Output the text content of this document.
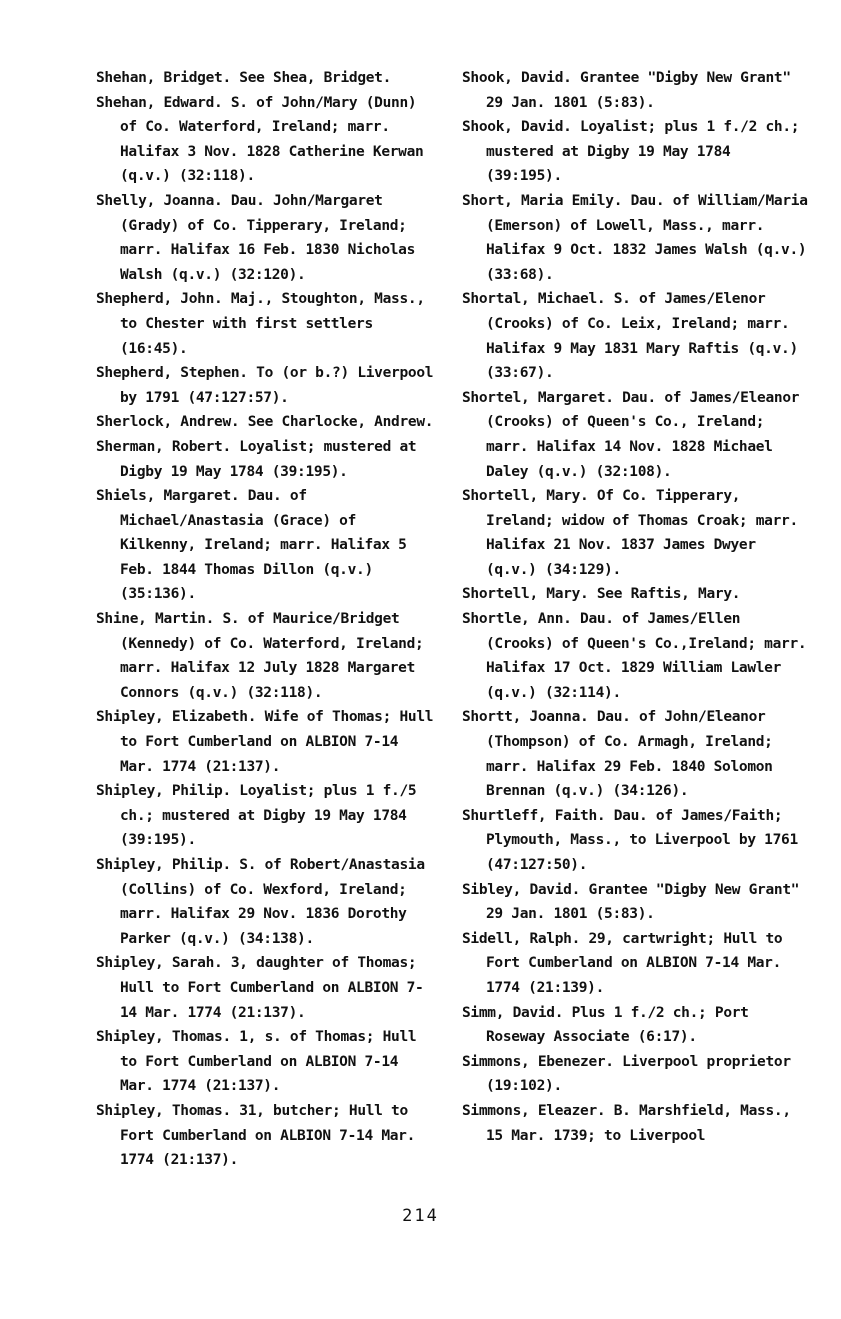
Shehan, Bridget. See Shea, Bridget.
Shehan, Edward. S. of John/Mary (Dunn) of Co. Waterford, Ireland; marr. Halifax 3 Nov. 1828 Catherine Kerwan (q.v.) (32:118).
Shelly, Joanna. Dau. John/Margaret (Grady) of Co. Tipperary, Ireland; marr. Halifax 16 Feb. 1830 Nicholas Walsh (q.v.) (32:120).
Shepherd, John. Maj., Stoughton, Mass., to Chester with first settlers (16:45).
Shepherd, Stephen. To (or b.?) Liverpool by 1791 (47:127:57).
Sherlock, Andrew. See Charlocke, Andrew.
Sherman, Robert. Loyalist; mustered at Digby 19 May 1784 (39:195).
Shiels, Margaret. Dau. of Michael/Anastasia (Grace) of Kilkenny, Ireland; marr. Halifax 5 Feb. 1844 Thomas Dillon (q.v.) (35:136).
Shine, Martin. S. of Maurice/Bridget (Kennedy) of Co. Waterford, Ireland; marr. Halifax 12 July 1828 Margaret Connors (q.v.) (32:118).
Shipley, Elizabeth. Wife of Thomas; Hull to Fort Cumberland on ALBION 7-14 Mar. 1774 (21:137).
Shipley, Philip. Loyalist; plus 1 f./5 ch.; mustered at Digby 19 May 1784 (39:195).
Shipley, Philip. S. of Robert/Anastasia (Collins) of Co. Wexford, Ireland; marr. Halifax 29 Nov. 1836 Dorothy Parker (q.v.) (34:138).
Shipley, Sarah. 3, daughter of Thomas; Hull to Fort Cumberland on ALBION 7-14 Mar. 1774 (21:137).
Shipley, Thomas. 1, s. of Thomas; Hull to Fort Cumberland on ALBION 7-14 Mar. 1774 (21:137).
Shipley, Thomas. 31, butcher; Hull to Fort Cumberland on ALBION 7-14 Mar. 1774 (21:137).
Shook, David. Grantee "Digby New Grant" 29 Jan. 1801 (5:83).
Shook, David. Loyalist; plus 1 f./2 ch.; mustered at Digby 19 May 1784 (39:195).
Short, Maria Emily. Dau. of William/Maria (Emerson) of Lowell, Mass., marr. Halifax 9 Oct. 1832 James Walsh (q.v.) (33:68).
Shortal, Michael. S. of James/Elenor (Crooks) of Co. Leix, Ireland; marr. Halifax 9 May 1831 Mary Raftis (q.v.) (33:67).
Shortel, Margaret. Dau. of James/Eleanor (Crooks) of Queen's Co., Ireland; marr. Halifax 14 Nov. 1828 Michael Daley (q.v.) (32:108).
Shortell, Mary. Of Co. Tipperary, Ireland; widow of Thomas Croak; marr. Halifax 21 Nov. 1837 James Dwyer (q.v.) (34:129).
Shortell, Mary. See Raftis, Mary.
Shortle, Ann. Dau. of James/Ellen (Crooks) of Queen's Co.,Ireland; marr. Halifax 17 Oct. 1829 William Lawler (q.v.) (32:114).
Shortt, Joanna. Dau. of John/Eleanor (Thompson) of Co. Armagh, Ireland; marr. Halifax 29 Feb. 1840 Solomon Brennan (q.v.) (34:126).
Shurtleff, Faith. Dau. of James/Faith; Plymouth, Mass., to Liverpool by 1761 (47:127:50).
Sibley, David. Grantee "Digby New Grant" 29 Jan. 1801 (5:83).
Sidell, Ralph. 29, cartwright; Hull to Fort Cumberland on ALBION 7-14 Mar. 1774 (21:139).
Simm, David. Plus 1 f./2 ch.; Port Roseway Associate (6:17).
Simmons, Ebenezer. Liverpool proprietor (19:102).
Simmons, Eleazer. B. Marshfield, Mass., 15 Mar. 1739; to Liverpool
214
